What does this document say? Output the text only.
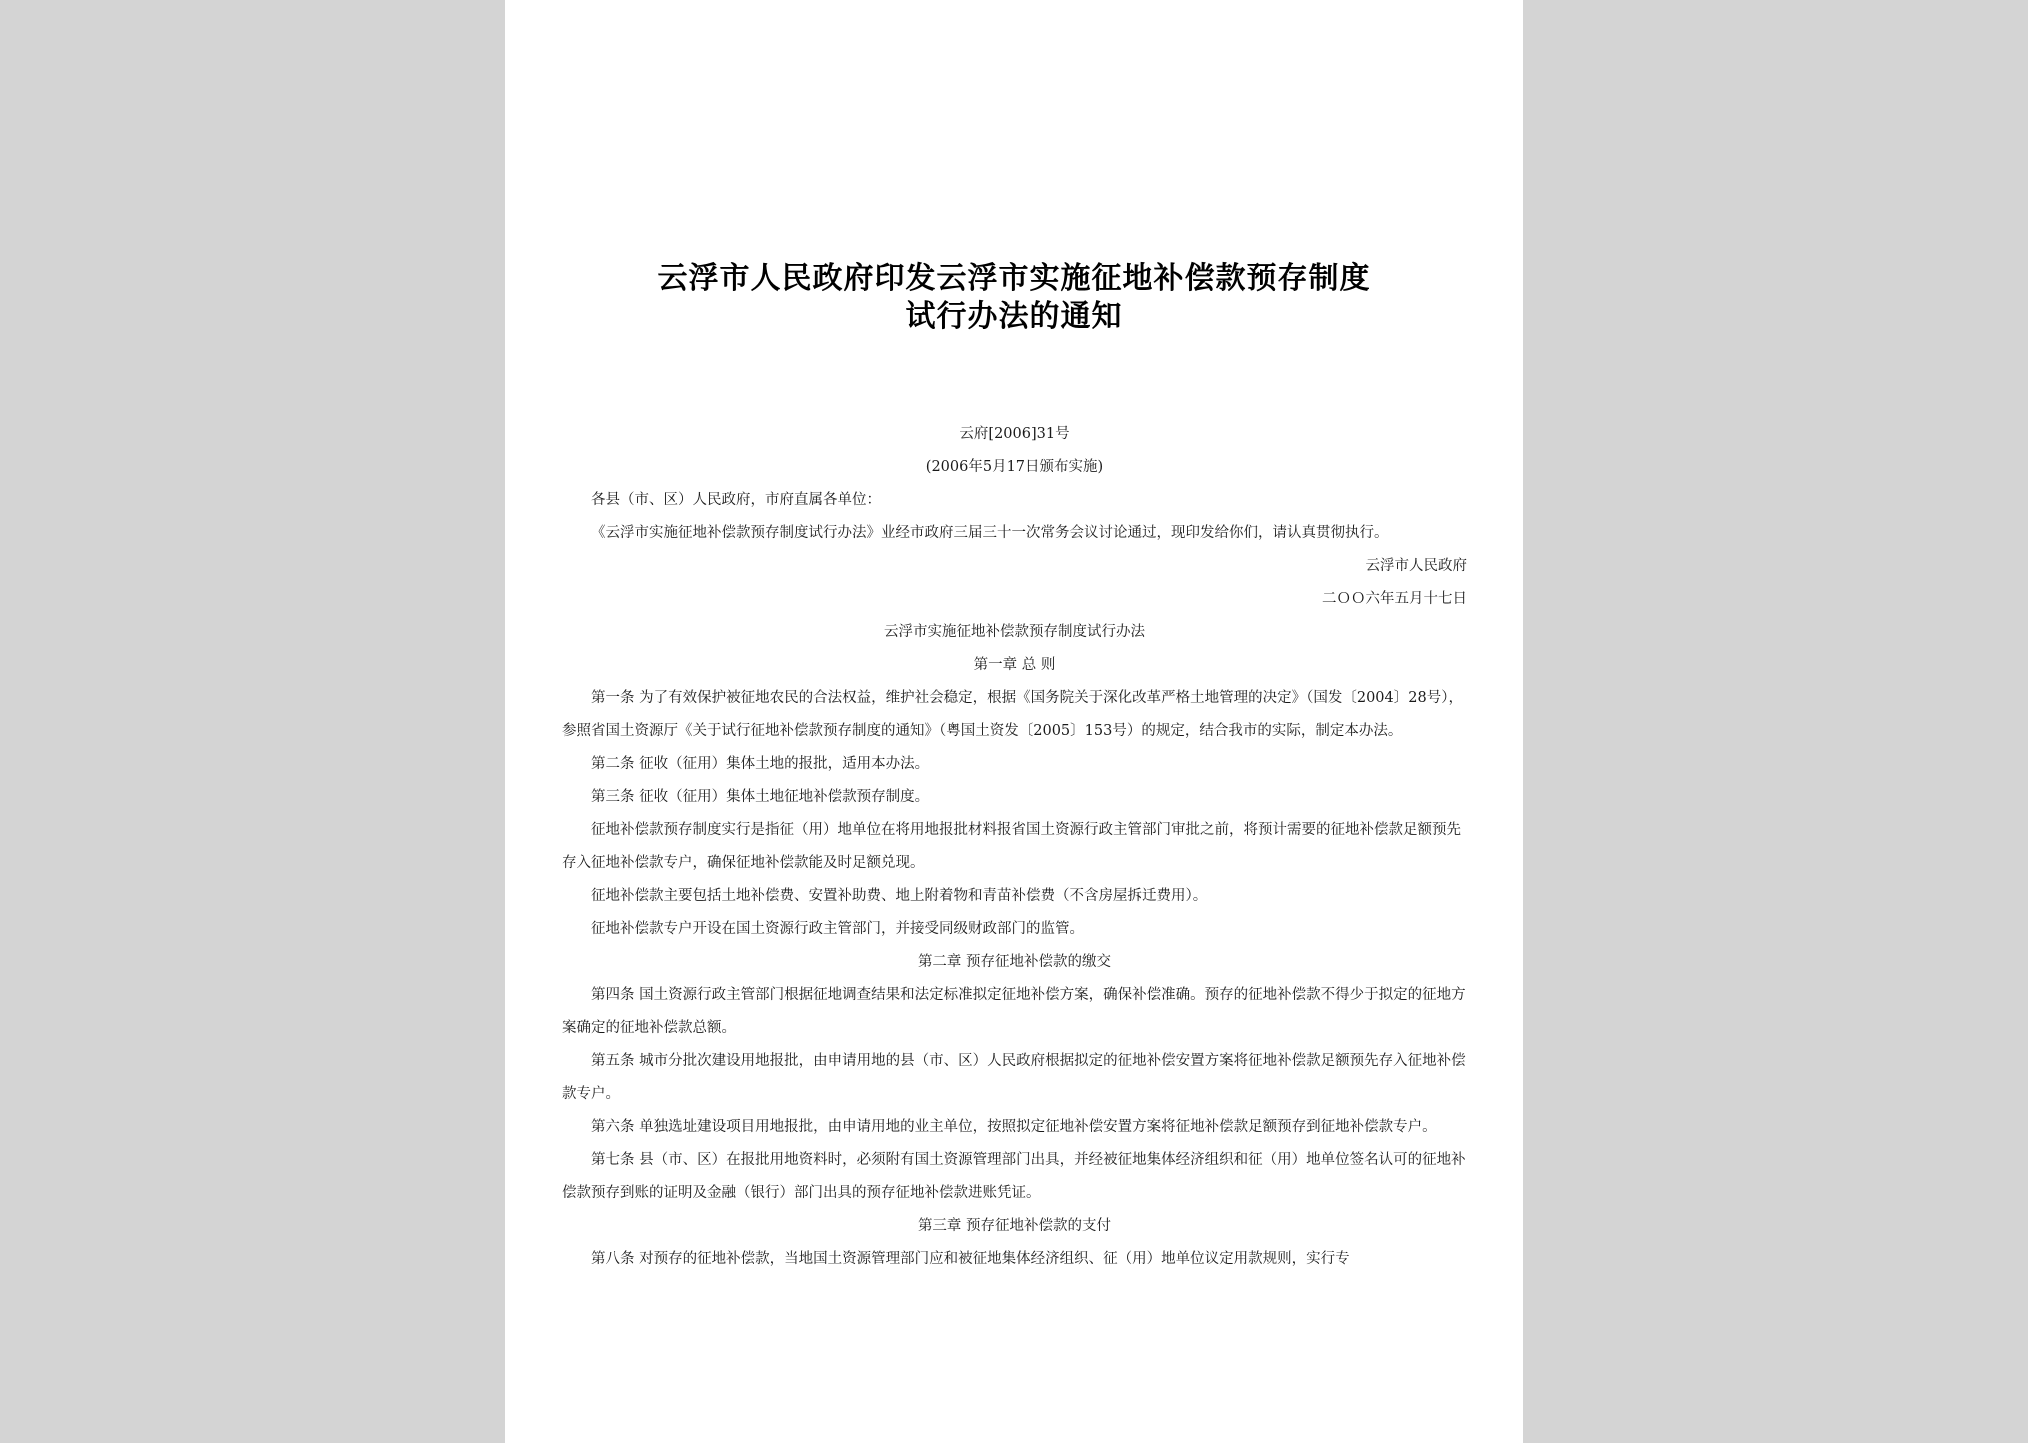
云浮市人民政府印发云浮市实施征地补偿款预存制度
试行办法的通知
云府[2006]31号
(2006年5月17日颁布实施)
各县（市、区）人民政府，市府直属各单位：
《云浮市实施征地补偿款预存制度试行办法》业经市政府三届三十一次常务会议讨论通过，现印发给你们，请认真贯彻执行。
云浮市人民政府
二ＯＯ六年五月十七日
云浮市实施征地补偿款预存制度试行办法
第一章 总 则
第一条 为了有效保护被征地农民的合法权益，维护社会稳定，根据《国务院关于深化改革严格土地管理的决定》（国发〔2004〕28号），参照省国土资源厅《关于试行征地补偿款预存制度的通知》（粤国土资发〔2005〕153号）的规定，结合我市的实际，制定本办法。
第二条 征收（征用）集体土地的报批，适用本办法。
第三条 征收（征用）集体土地征地补偿款预存制度。
征地补偿款预存制度实行是指征（用）地单位在将用地报批材料报省国土资源行政主管部门审批之前，将预计需要的征地补偿款足额预先存入征地补偿款专户，确保征地补偿款能及时足额兑现。
征地补偿款主要包括土地补偿费、安置补助费、地上附着物和青苗补偿费（不含房屋拆迁费用）。
征地补偿款专户开设在国土资源行政主管部门，并接受同级财政部门的监管。
第二章 预存征地补偿款的缴交
第四条 国土资源行政主管部门根据征地调查结果和法定标准拟定征地补偿方案，确保补偿准确。预存的征地补偿款不得少于拟定的征地方案确定的征地补偿款总额。
第五条 城市分批次建设用地报批，由申请用地的县（市、区）人民政府根据拟定的征地补偿安置方案将征地补偿款足额预先存入征地补偿款专户。
第六条 单独选址建设项目用地报批，由申请用地的业主单位，按照拟定征地补偿安置方案将征地补偿款足额预存到征地补偿款专户。
第七条 县（市、区）在报批用地资料时，必须附有国土资源管理部门出具，并经被征地集体经济组织和征（用）地单位签名认可的征地补偿款预存到账的证明及金融（银行）部门出具的预存征地补偿款进账凭证。
第三章 预存征地补偿款的支付
第八条 对预存的征地补偿款，当地国土资源管理部门应和被征地集体经济组织、征（用）地单位议定用款规则，实行专
